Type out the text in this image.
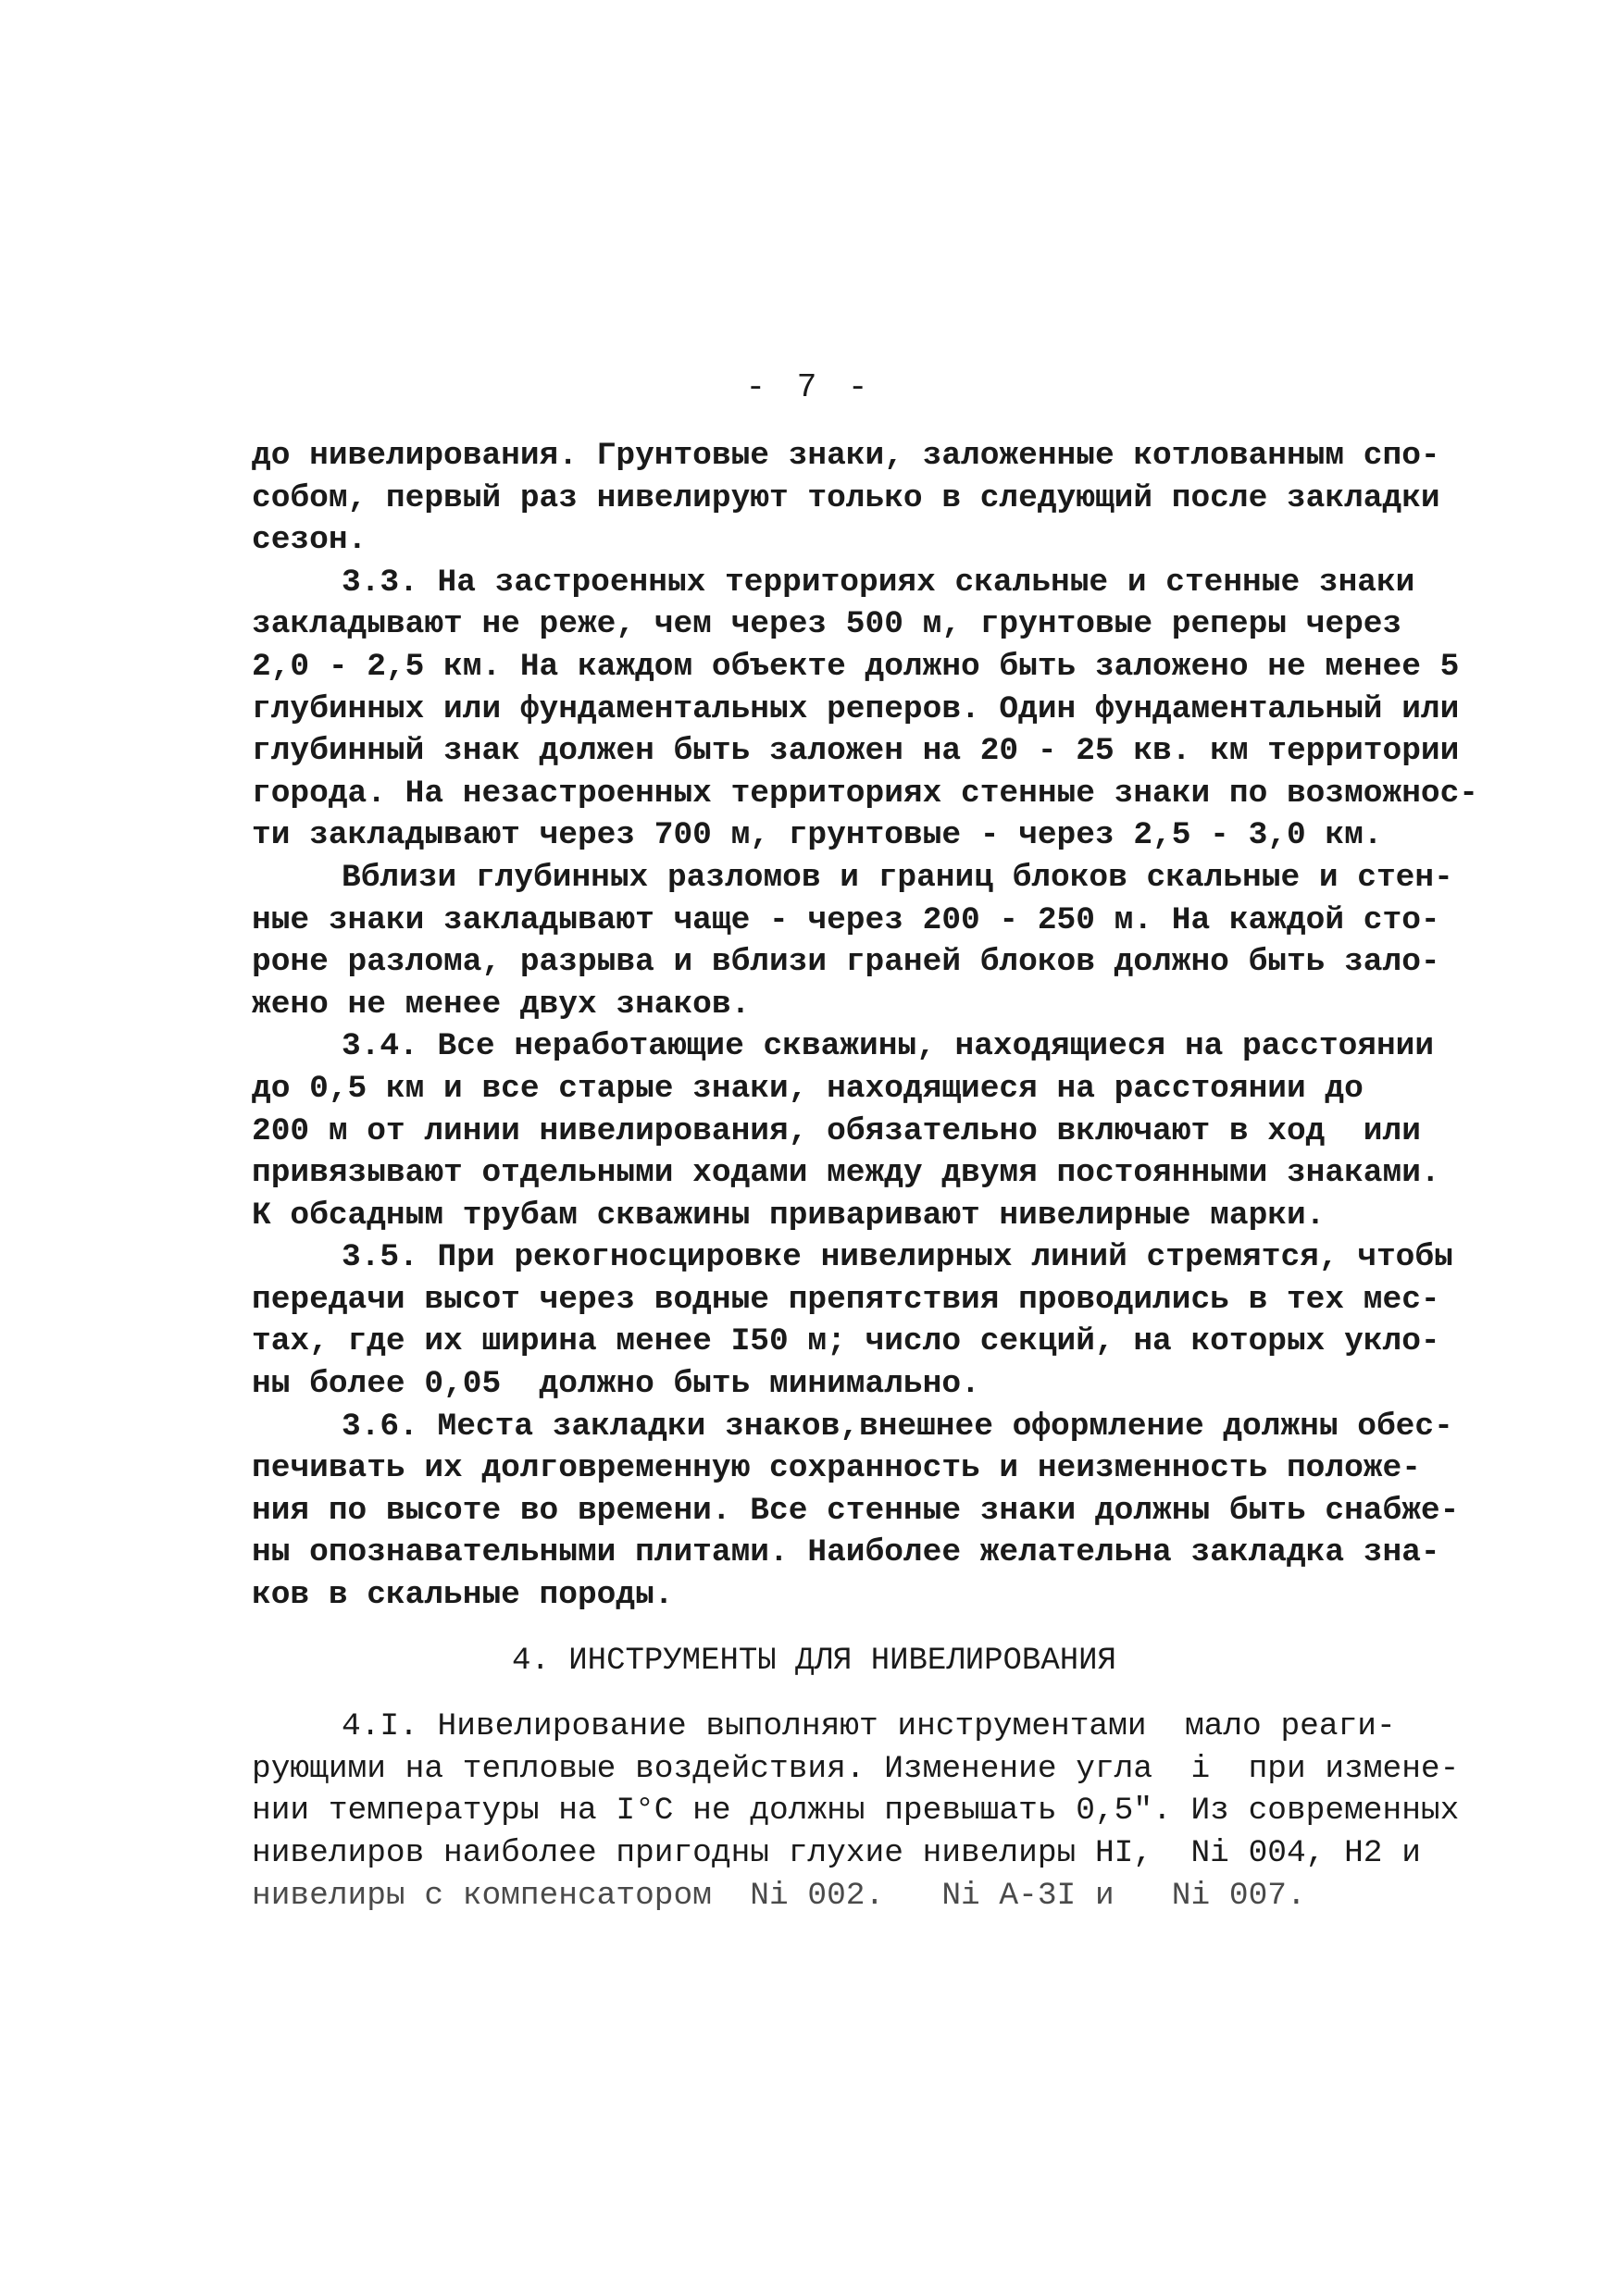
- 7 -
до нивелирования. Грунтовые знаки, заложенные котлованным спо-
собом, первый раз нивелируют только в следующий после закладки
сезон.
3.3. На застроенных территориях скальные и стенные знаки
закладывают не реже, чем через 500 м, грунтовые реперы через
2,0 - 2,5 км. На каждом объекте должно быть заложено не менее 5
глубинных или фундаментальных реперов. Один фундаментальный или
глубинный знак должен быть заложен на 20 - 25 кв. км территории
города. На незастроенных территориях стенные знаки по возможнос-
ти закладывают через 700 м, грунтовые - через 2,5 - 3,0 км.
Вблизи глубинных разломов и границ блоков скальные и стен-
ные знаки закладывают чаще - через 200 - 250 м. На каждой сто-
роне разлома, разрыва и вблизи граней блоков должно быть зало-
жено не менее двух знаков.
3.4. Все неработающие скважины, находящиеся на расстоянии
до 0,5 км и все старые знаки, находящиеся на расстоянии до
200 м от линии нивелирования, обязательно включают в ход  или
привязывают отдельными ходами между двумя постоянными знаками.
К обсадным трубам скважины приваривают нивелирные марки.
3.5. При рекогносцировке нивелирных линий стремятся, чтобы
передачи высот через водные препятствия проводились в тех мес-
тах, где их ширина менее I50 м; число секций, на которых укло-
ны более 0,05  должно быть минимально.
3.6. Места закладки знаков,внешнее оформление должны обес-
печивать их долговременную сохранность и неизменность положе-
ния по высоте во времени. Все стенные знаки должны быть снабже-
ны опознавательными плитами. Наиболее желательна закладка зна-
ков в скальные породы.
4. ИНСТРУМЕНТЫ ДЛЯ НИВЕЛИРОВАНИЯ
4.I. Нивелирование выполняют инструментами  мало реаги-
рующими на тепловые воздействия. Изменение угла  i  при измене-
нии температуры на I°С не должны превышать 0,5". Из современных
нивелиров наиболее пригодны глухие нивелиры HI,  Ni 004, H2 и
нивелиры с компенсатором  Ni 002.   Ni A-3I и   Ni 007.
